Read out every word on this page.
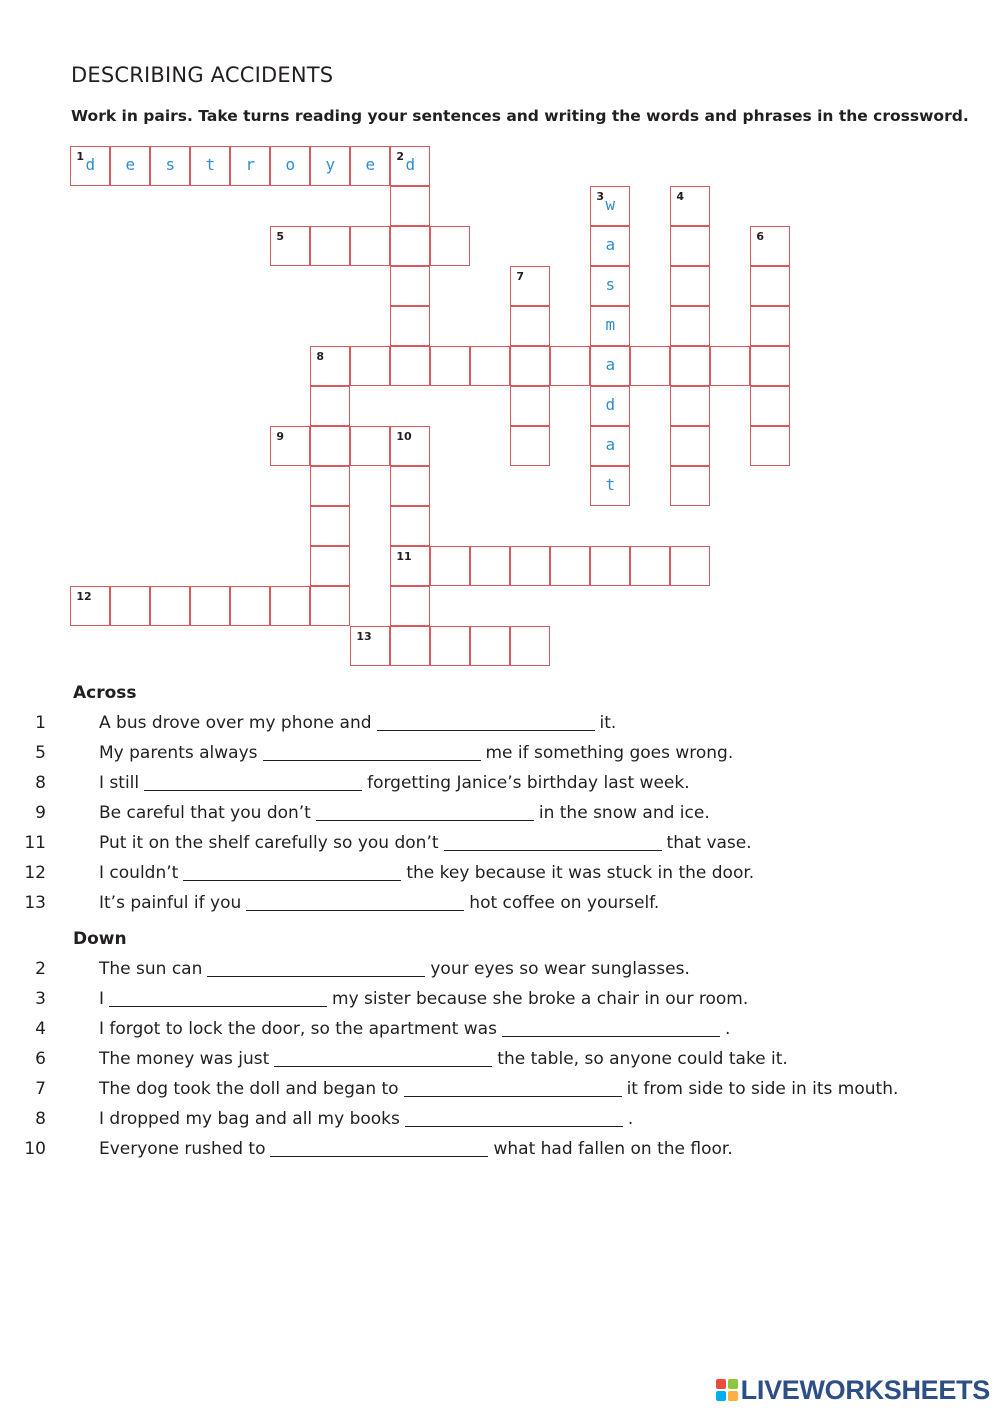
DESCRIBING ACCIDENTS

Work in pairs. Take turns reading your sentences and writing the words and phrases in the crossword.

1 d	e	s	t	r	o	y	e	2 d
3 w	4
5	a	6
7	s
m
8	a
d
9	10	a
t
11
12
13
Across
1	A bus drove over my phone and	it.
5	My parents always	me if something goes wrong.
8	I still	forgetting Janice’s birthday last week.
9	Be careful that you don’t	in the snow and ice.
11	Put it on the shelf carefully so you don’t	that vase.
12	I couldn’t	the key because it was stuck in the door.
13	It’s painful if you	hot coffee on yourself.
Down
2	The sun can	your eyes so wear sunglasses.
3	I	my sister because she broke a chair in our room.
4	I forgot to lock the door, so the apartment was	.
6	The money was just	the table, so anyone could take it.
7	The dog took the doll and began to	it from side to side in its mouth.
8	I dropped my bag and all my books	.
10	Everyone rushed to	what had fallen on the floor.
LIVEWORKSHEETS
